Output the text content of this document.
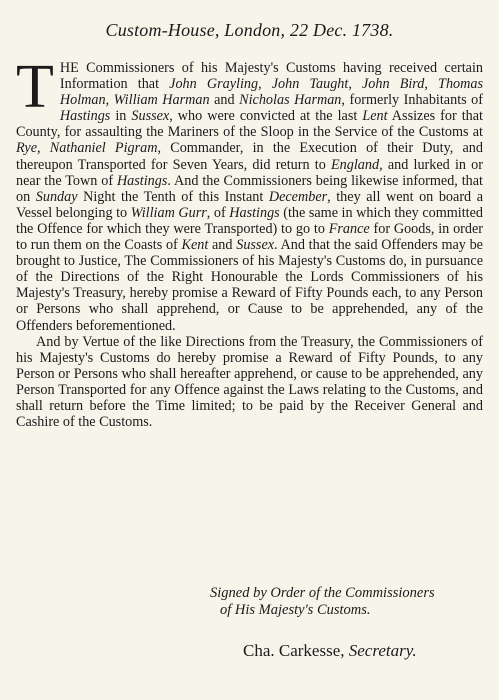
Custom-House, London, 22 Dec. 1738.

THE Commissioners of his Majesty's Customs having received certain Information that John Grayling, John Taught, John Bird, Thomas Holman, William Harman and Nicholas Harman, formerly Inhabitants of Hastings in Sussex, who were convicted at the last Lent Assizes for that County, for assaulting the Mariners of the Sloop in the Service of the Customs at Rye, Nathaniel Pigram, Commander, in the Execution of their Duty, and thereupon Transported for Seven Years, did return to England, and lurked in or near the Town of Hastings. And the Commissioners being likewise informed, that on Sunday Night the Tenth of this Instant December, they all went on board a Vessel belonging to William Gurr, of Hastings (the same in which they committed the Offence for which they were Transported) to go to France for Goods, in order to run them on the Coasts of Kent and Sussex. And that the said Offenders may be brought to Justice, The Commissioners of his Majesty's Customs do, in pursuance of the Directions of the Right Honourable the Lords Commissioners of his Majesty's Treasury, hereby promise a Reward of Fifty Pounds each, to any Person or Persons who shall apprehend, or Cause to be apprehended, any of the Offenders beforementioned.

And by Vertue of the like Directions from the Treasury, the Commissioners of his Majesty's Customs do hereby promise a Reward of Fifty Pounds, to any Person or Persons who shall hereafter apprehend, or cause to be apprehended, any Person Transported for any Offence against the Laws relating to the Customs, and shall return before the Time limited; to be paid by the Receiver General and Cashire of the Customs.

Signed by Order of the Commissioners
of His Majesty's Customs.
Cha. Carkesse, Secretary.
